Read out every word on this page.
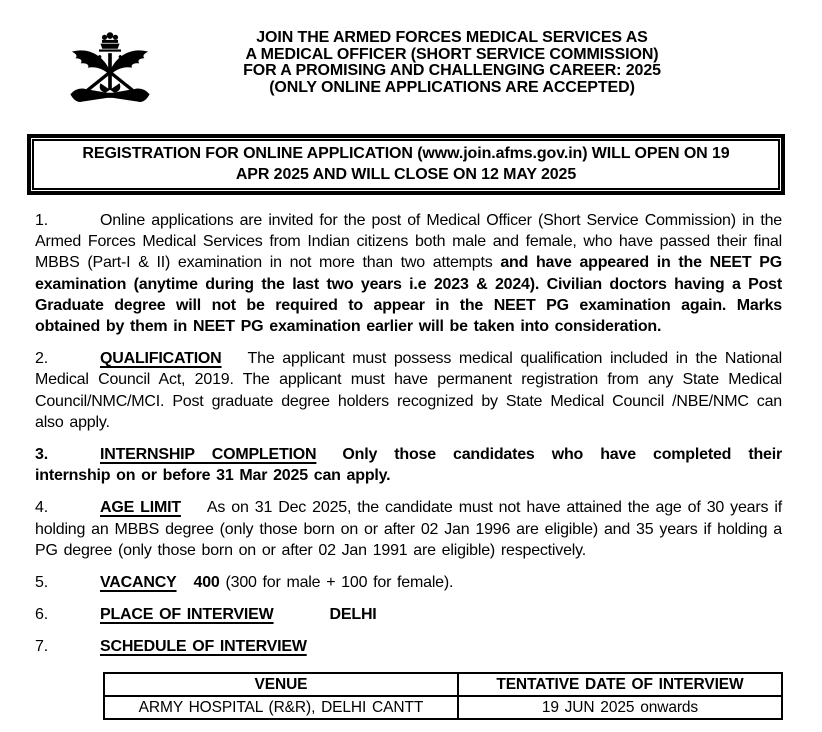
JOIN THE ARMED FORCES MEDICAL SERVICES AS
A MEDICAL OFFICER (SHORT SERVICE COMMISSION)
FOR A PROMISING AND CHALLENGING CAREER: 2025
(ONLY ONLINE APPLICATIONS ARE ACCEPTED)
REGISTRATION FOR ONLINE APPLICATION (www.join.afms.gov.in) WILL OPEN ON 19
APR 2025 AND WILL CLOSE ON 12 MAY 2025

1.	Online applications are invited for the post of Medical Officer (Short Service Commission) in the Armed Forces Medical Services from Indian citizens both male and female, who have passed their final MBBS (Part-I & II) examination in not more than two attempts and have appeared in the NEET PG examination (anytime during the last two years i.e 2023 & 2024). Civilian doctors having a Post Graduate degree will not be required to appear in the NEET PG examination again. Marks obtained by them in NEET PG examination earlier will be taken into consideration.

2.	QUALIFICATION The applicant must possess medical qualification included in the National Medical Council Act, 2019. The applicant must have permanent registration from any State Medical Council/NMC/MCI. Post graduate degree holders recognized by State Medical Council /NBE/NMC can also apply.

3.	INTERNSHIP COMPLETION Only those candidates who have completed their internship on or before 31 Mar 2025 can apply.

4.	AGE LIMIT As on 31 Dec 2025, the candidate must not have attained the age of 30 years if holding an MBBS degree (only those born on or after 02 Jan 1996 are eligible) and 35 years if holding a PG degree (only those born on or after 02 Jan 1991 are eligible) respectively.

5.	VACANCY 400 (300 for male + 100 for female).

6.	PLACE OF INTERVIEW	DELHI

7.	SCHEDULE OF INTERVIEW

VENUE	TENTATIVE DATE OF INTERVIEW
ARMY HOSPITAL (R&R), DELHI CANTT	19 JUN 2025 onwards
